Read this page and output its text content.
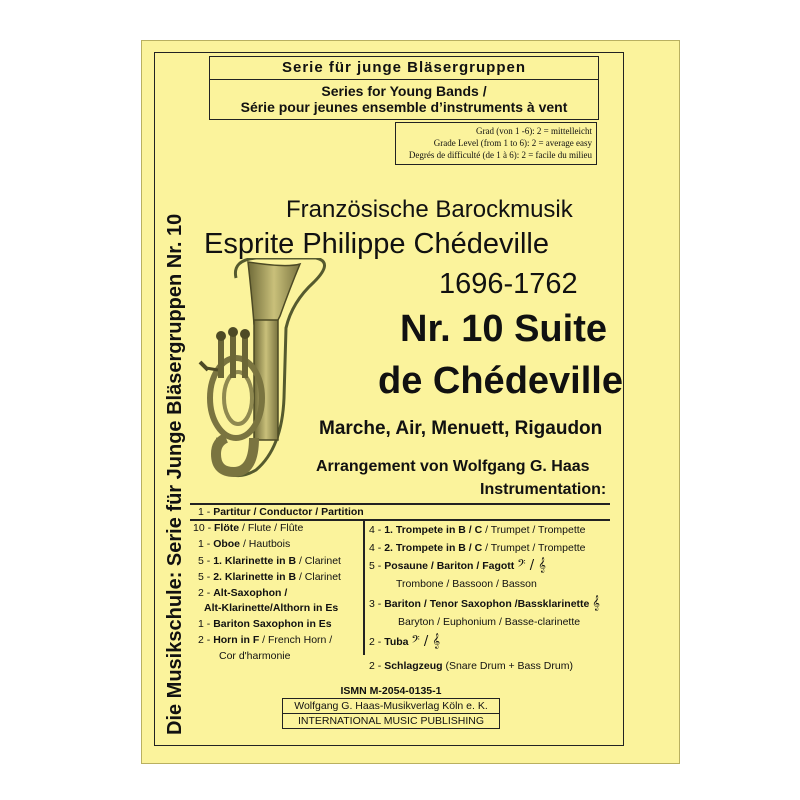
Die Musikschule: Serie für Junge Bläsergruppen Nr. 10
Serie für junge Bläsergruppen
Series for Young Bands /
Série pour jeunes ensemble d’instruments à vent
Grad (von 1 -6): 2 = mittelleicht
Grade Level (from 1 to 6): 2 = average easy
Degrés de difficulté (de 1 à 6): 2 = facile du milieu
Französische Barockmusik
Esprite Philippe Chédeville
1696-1762
Nr. 10 Suite
de Chédeville
Marche, Air, Menuett, Rigaudon
Arrangement von Wolfgang G. Haas
Instrumentation:
1 - Partitur / Conductor / Partition
10 - Flöte / Flute / Flûte
1 - Oboe / Hautbois
5 - 1. Klarinette in B / Clarinet
5 - 2. Klarinette in B / Clarinet
2 - Alt-Saxophon /
Alt-Klarinette/Althorn in Es
1 - Bariton Saxophon in Es
2 - Horn in F / French Horn /
Cor d'harmonie
4 - 1. Trompete in B / C / Trumpet / Trompette
4 - 2. Trompete in B / C / Trumpet / Trompette
5 - Posaune / Bariton / Fagott 𝄢 / 𝄞
Trombone / Bassoon / Basson
3 - Bariton / Tenor Saxophon /Bassklarinette 𝄞
Baryton / Euphonium / Basse-clarinette
2 - Tuba 𝄢 / 𝄞
2 - Schlagzeug (Snare Drum + Bass Drum)
ISMN M-2054-0135-1
Wolfgang G. Haas-Musikverlag Köln e. K.
INTERNATIONAL MUSIC PUBLISHING
